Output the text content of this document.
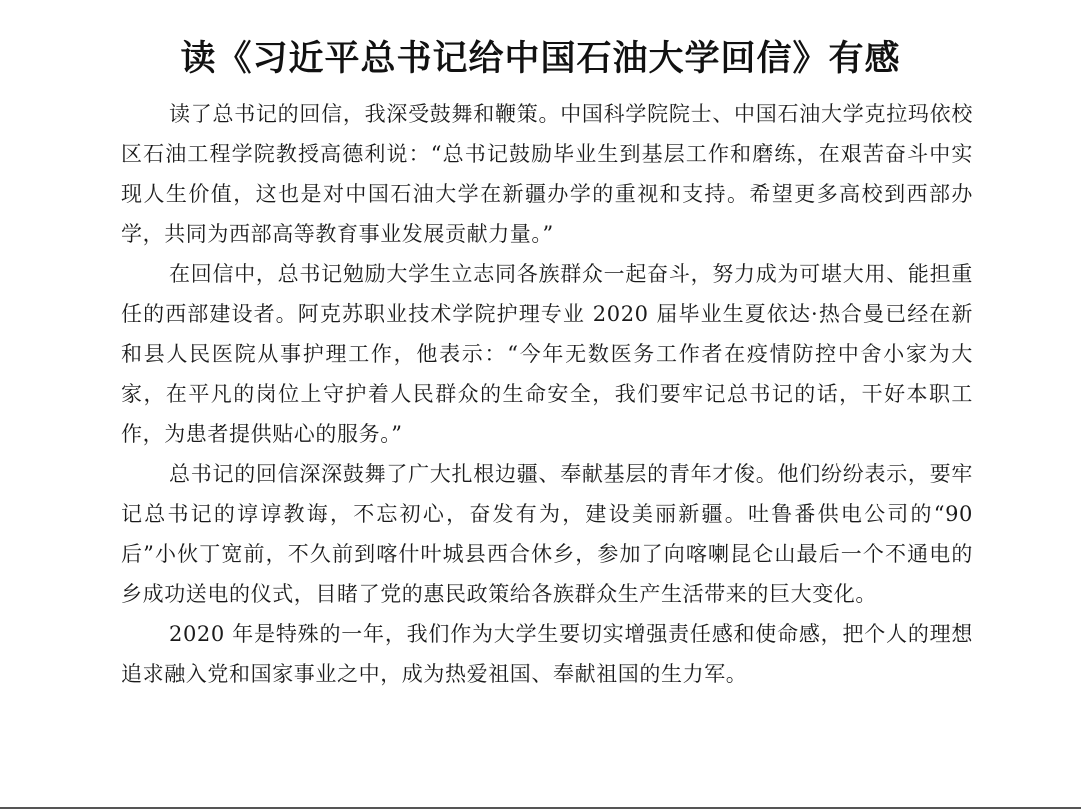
读《习近平总书记给中国石油大学回信》有感

读了总书记的回信，我深受鼓舞和鞭策。中国科学院院士、中国石油大学克拉玛依校区石油工程学院教授高德利说：“总书记鼓励毕业生到基层工作和磨练，在艰苦奋斗中实现人生价值，这也是对中国石油大学在新疆办学的重视和支持。希望更多高校到西部办学，共同为西部高等教育事业发展贡献力量。”

在回信中，总书记勉励大学生立志同各族群众一起奋斗，努力成为可堪大用、能担重任的西部建设者。阿克苏职业技术学院护理专业 2020 届毕业生夏依达·热合曼已经在新和县人民医院从事护理工作，他表示：“今年无数医务工作者在疫情防控中舍小家为大家，在平凡的岗位上守护着人民群众的生命安全，我们要牢记总书记的话，干好本职工作，为患者提供贴心的服务。”

总书记的回信深深鼓舞了广大扎根边疆、奉献基层的青年才俊。他们纷纷表示，要牢记总书记的谆谆教诲，不忘初心，奋发有为，建设美丽新疆。吐鲁番供电公司的“90 后”小伙丁宽前，不久前到喀什叶城县西合休乡，参加了向喀喇昆仑山最后一个不通电的乡成功送电的仪式，目睹了党的惠民政策给各族群众生产生活带来的巨大变化。

2020 年是特殊的一年，我们作为大学生要切实增强责任感和使命感，把个人的理想追求融入党和国家事业之中，成为热爱祖国、奉献祖国的生力军。
